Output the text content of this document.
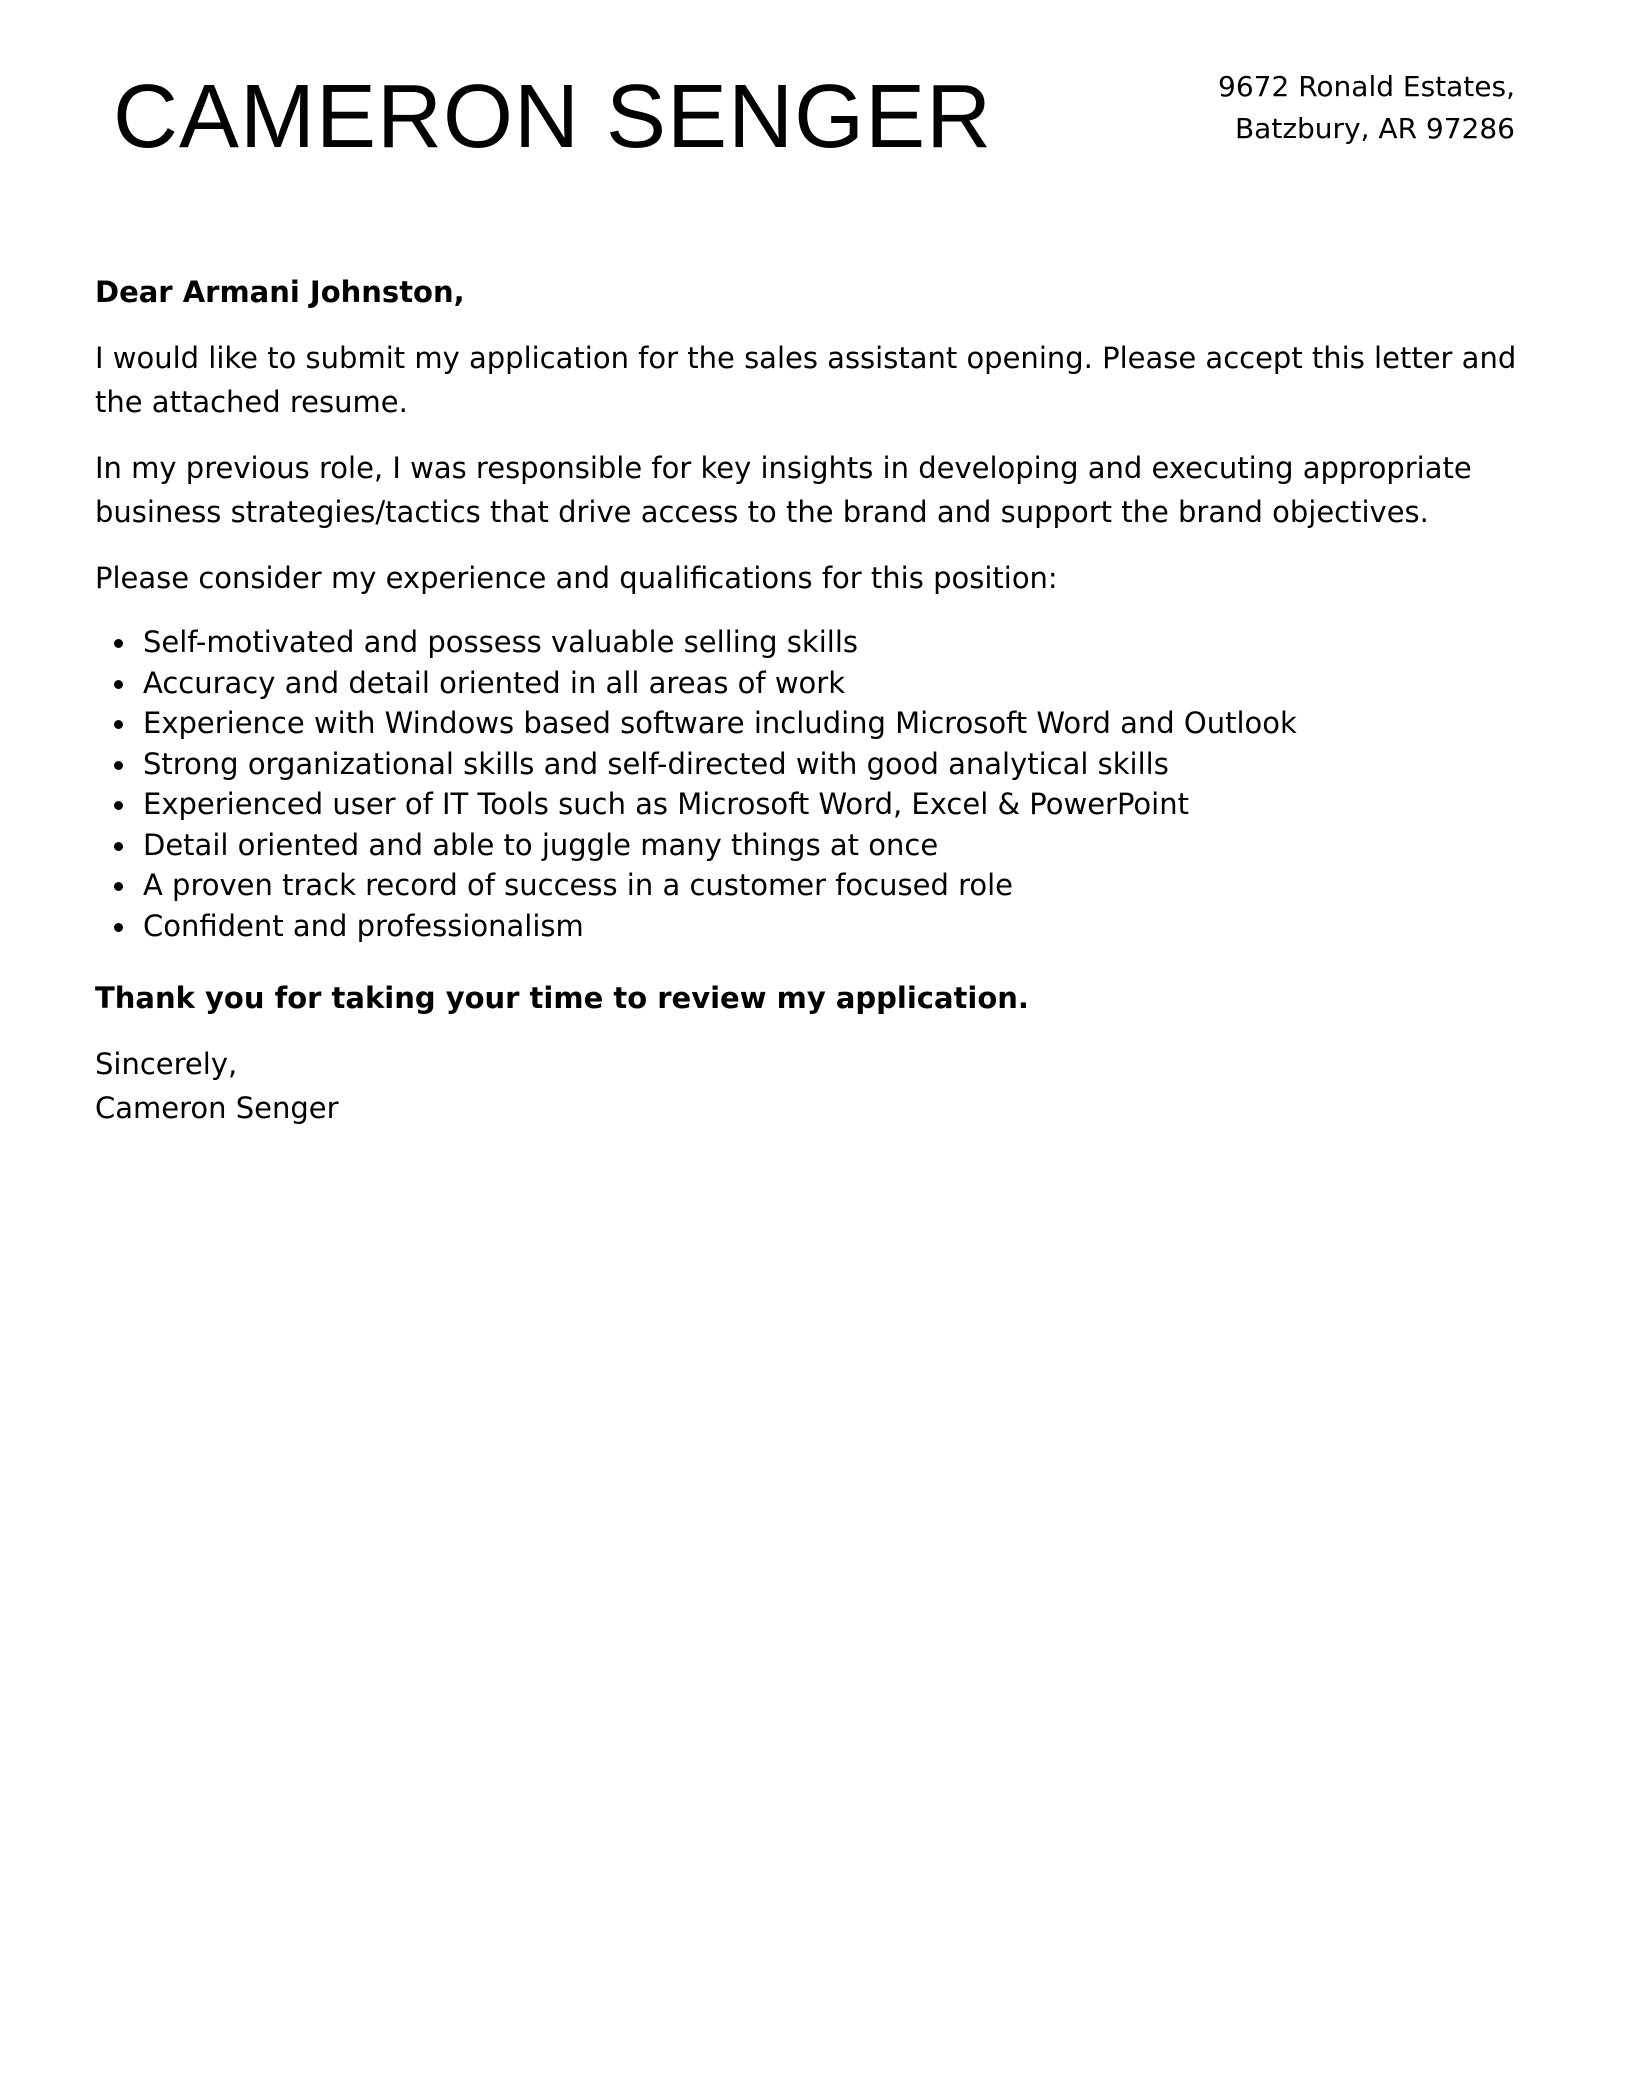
CAMERON SENGER	9672 Ronald Estates,
Batzbury, AR 97286
Dear Armani Johnston,
I would like to submit my application for the sales assistant opening. Please accept this letter and the attached resume.
In my previous role, I was responsible for key insights in developing and executing appropriate business strategies/tactics that drive access to the brand and support the brand objectives.
Please consider my experience and qualifications for this position:
Self-motivated and possess valuable selling skills
Accuracy and detail oriented in all areas of work
Experience with Windows based software including Microsoft Word and Outlook
Strong organizational skills and self-directed with good analytical skills
Experienced user of IT Tools such as Microsoft Word, Excel & PowerPoint
Detail oriented and able to juggle many things at once
A proven track record of success in a customer focused role
Confident and professionalism
Thank you for taking your time to review my application.
Sincerely,
Cameron Senger
